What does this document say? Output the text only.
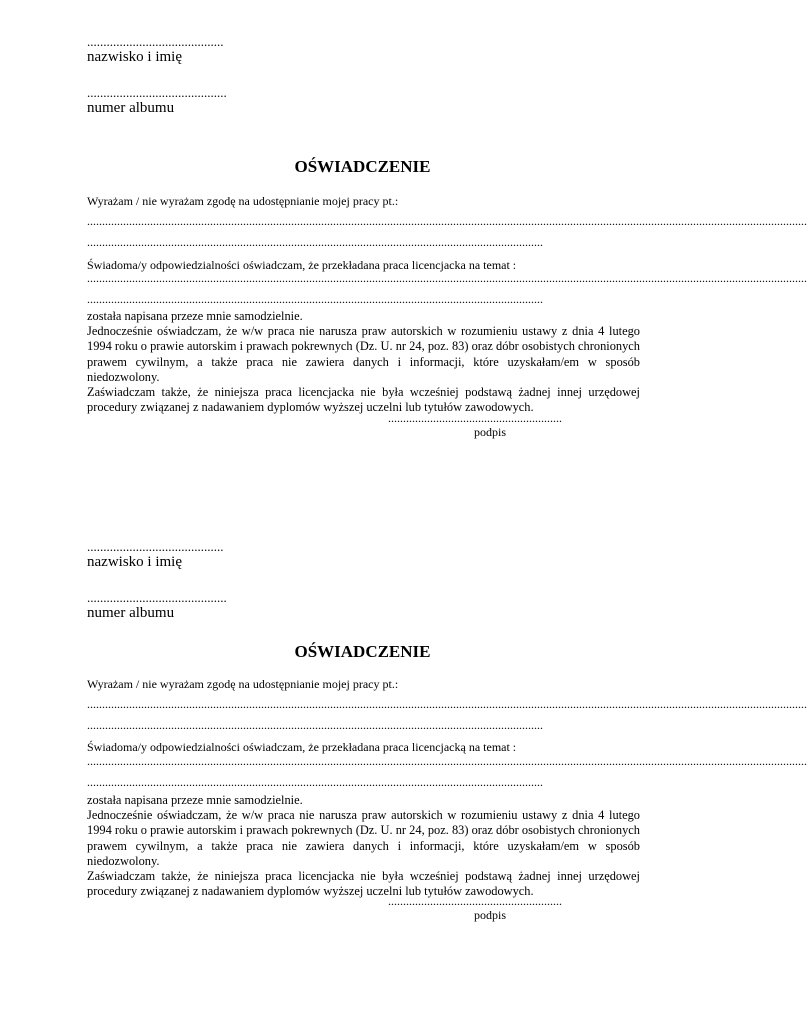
..........................................
nazwisko i imię
...........................................
numer albumu
OŚWIADCZENIE
Wyrażam / nie wyrażam zgodę na udostępnianie mojej pracy pt.:
................................................................................................................................................................................................................................................
........................................................................................................................................................
Świadoma/y odpowiedzialności oświadczam, że przekładana praca licencjacka na temat :
................................................................................................................................................................................................................................................
........................................................................................................................................................

została napisana przeze mnie samodzielnie.

Jednocześnie oświadczam, że w/w praca nie narusza praw autorskich w rozumieniu ustawy z dnia 4 lutego 1994 roku o prawie autorskim i prawach pokrewnych (Dz. U. nr 24, poz. 83) oraz dóbr osobistych chronionych prawem cywilnym, a także praca nie zawiera danych i informacji, które uzyskałam/em w sposób niedozwolony.

Zaświadczam także, że niniejsza praca licencjacka nie była wcześniej podstawą żadnej innej urzędowej procedury związanej z nadawaniem dyplomów wyższej uczelni lub tytułów zawodowych.

..........................................................
podpis
..........................................
nazwisko i imię
...........................................
numer albumu
OŚWIADCZENIE
Wyrażam / nie wyrażam zgodę na udostępnianie mojej pracy pt.:
................................................................................................................................................................................................................................................
........................................................................................................................................................
Świadoma/y odpowiedzialności oświadczam, że przekładana praca licencjacką na temat :
................................................................................................................................................................................................................................................
........................................................................................................................................................

została napisana przeze mnie samodzielnie.

Jednocześnie oświadczam, że w/w praca nie narusza praw autorskich w rozumieniu ustawy z dnia 4 lutego 1994 roku o prawie autorskim i prawach pokrewnych (Dz. U. nr 24, poz. 83) oraz dóbr osobistych chronionych prawem cywilnym, a także praca nie zawiera danych i informacji, które uzyskałam/em w sposób niedozwolony.

Zaświadczam także, że niniejsza praca licencjacka nie była wcześniej podstawą żadnej innej urzędowej procedury związanej z nadawaniem dyplomów wyższej uczelni lub tytułów zawodowych.

..........................................................
podpis
